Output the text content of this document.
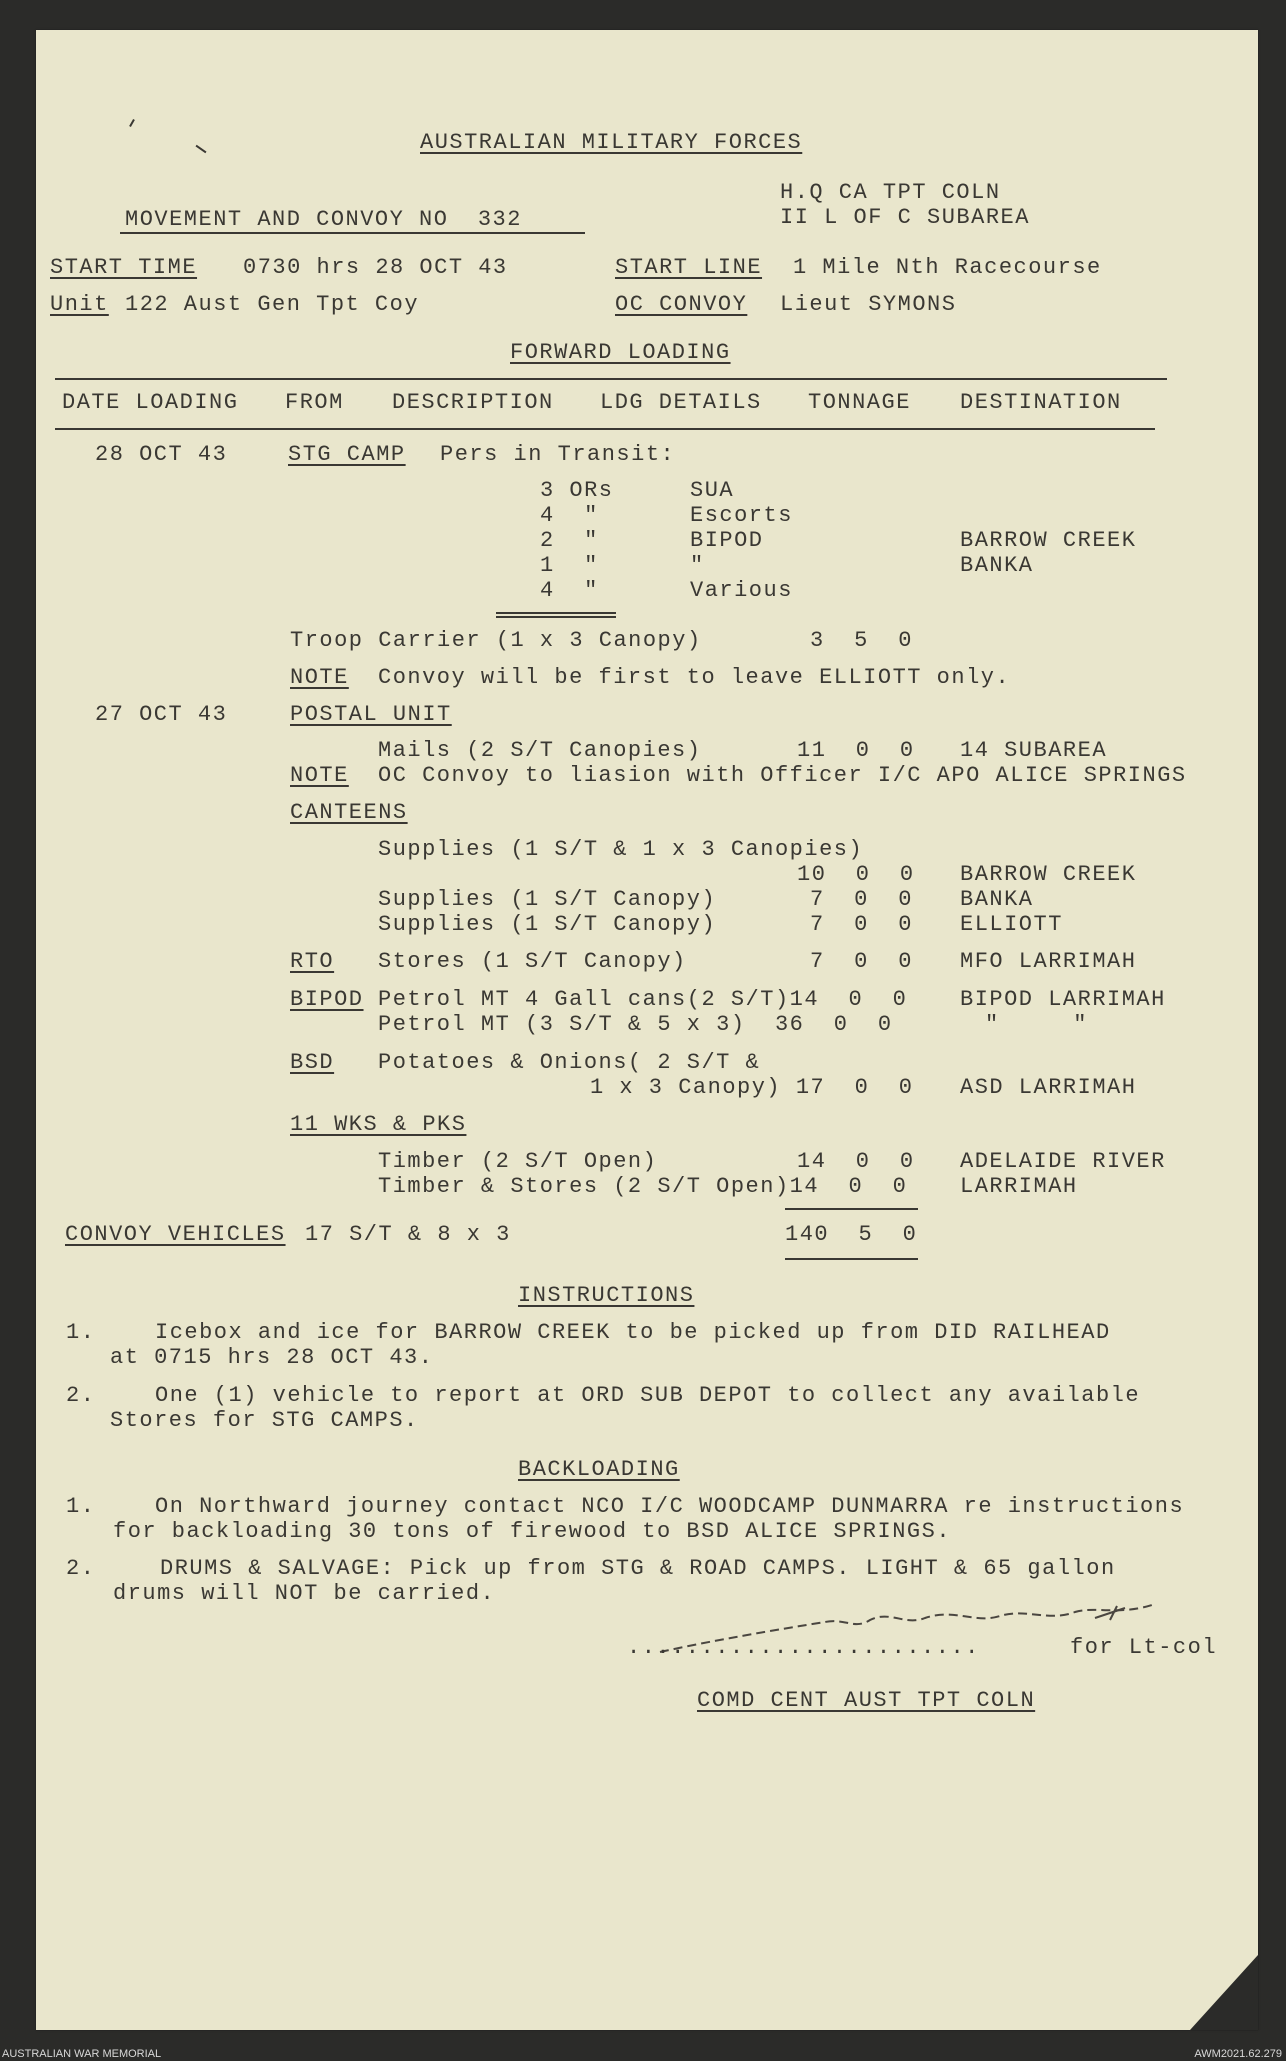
AUSTRALIAN MILITARY FORCES
H.Q CA TPT COLN
II L OF C SUBAREA
MOVEMENT AND CONVOY NO  332
START TIME 0730 hrs 28 OCT 43	START LINE 1 Mile Nth Racecourse
Unit 122 Aust Gen Tpt Coy	OC CONVOY Lieut SYMONS
FORWARD LOADING
DATE LOADING FROM DESCRIPTION LDG DETAILS TONNAGE DESTINATION
28 OCT 43	STG CAMP Pers in Transit:
3 ORs	SUA
4  "	Escorts
2  "	BIPOD	BARROW CREEK
1  "	"	BANKA
4  "	Various
Troop Carrier (1 x 3 Canopy)	3  5  0
NOTE Convoy will be first to leave ELLIOTT only.
27 OCT 43	POSTAL UNIT
Mails (2 S/T Canopies)	11  0  0 14 SUBAREA
NOTE OC Convoy to liasion with Officer I/C APO ALICE SPRINGS
CANTEENS
Supplies (1 S/T & 1 x 3 Canopies)
10  0  0 BARROW CREEK
Supplies (1 S/T Canopy)	7  0  0 BANKA
Supplies (1 S/T Canopy)	7  0  0 ELLIOTT
RTO Stores (1 S/T Canopy)	7  0  0 MFO LARRIMAH
BIPOD Petrol MT 4 Gall cans(2 S/T)14  0  0 BIPOD LARRIMAH
Petrol MT (3 S/T & 5 x 3)  36  0  0	"     "
BSD Potatoes & Onions( 2 S/T &
1 x 3 Canopy) 17  0  0 ASD LARRIMAH
11 WKS & PKS
Timber (2 S/T Open)	14  0  0 ADELAIDE RIVER
Timber & Stores (2 S/T Open)14  0  0 LARRIMAH
CONVOY VEHICLES 17 S/T & 8 x 3	140  5  0
INSTRUCTIONS
1.	Icebox and ice for BARROW CREEK to be picked up from DID RAILHEAD
at 0715 hrs 28 OCT 43.
2.	One (1) vehicle to report at ORD SUB DEPOT to collect any available
Stores for STG CAMPS.
BACKLOADING
1.	On Northward journey contact NCO I/C WOODCAMP DUNMARRA re instructions
for backloading 30 tons of firewood to BSD ALICE SPRINGS.
2.	DRUMS & SALVAGE: Pick up from STG & ROAD CAMPS. LIGHT & 65 gallon
drums will NOT be carried.
........................	for Lt-col
COMD CENT AUST TPT COLN
AUSTRALIAN WAR MEMORIAL	AWM2021.62.279
